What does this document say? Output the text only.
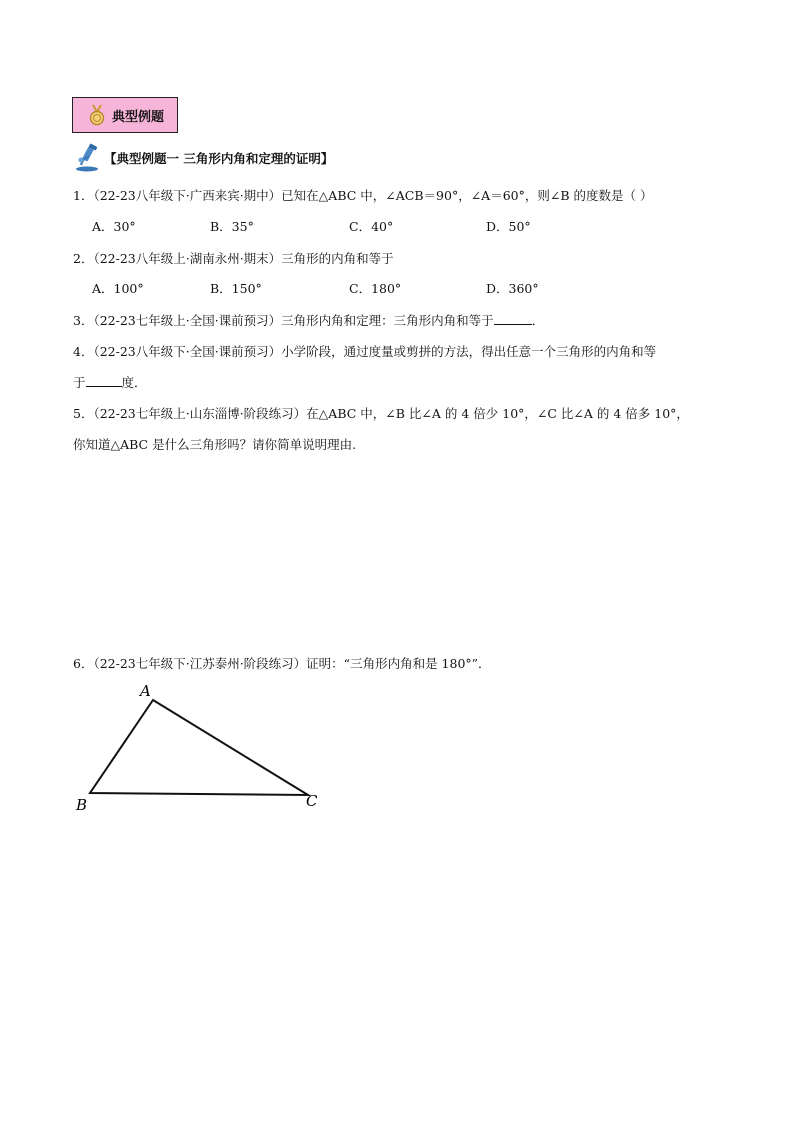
典型例题
【典型例题一 三角形内角和定理的证明】
1．（22-23八年级下·广西来宾·期中）已知在△ABC 中，∠ACB＝90°，∠A＝60°，则∠B 的度数是（ ）
A．30°	B．35°	C．40°	D．50°
2．（22-23八年级上·湖南永州·期末）三角形的内角和等于
A．100°	B．150°	C．180°	D．360°
3．（22-23七年级上·全国·课前预习）三角形内角和定理：三角形内角和等于	．
4．（22-23八年级下·全国·课前预习）小学阶段，通过度量或剪拼的方法，得出任意一个三角形的内角和等
于	度．
5．（22-23七年级上·山东淄博·阶段练习）在△ABC 中，∠B 比∠A 的 4 倍少 10°，∠C 比∠A 的 4 倍多 10°，
你知道△ABC 是什么三角形吗？请你简单说明理由.
6．（22-23七年级下·江苏泰州·阶段练习）证明：“三角形内角和是 180°”．
A
B	C
